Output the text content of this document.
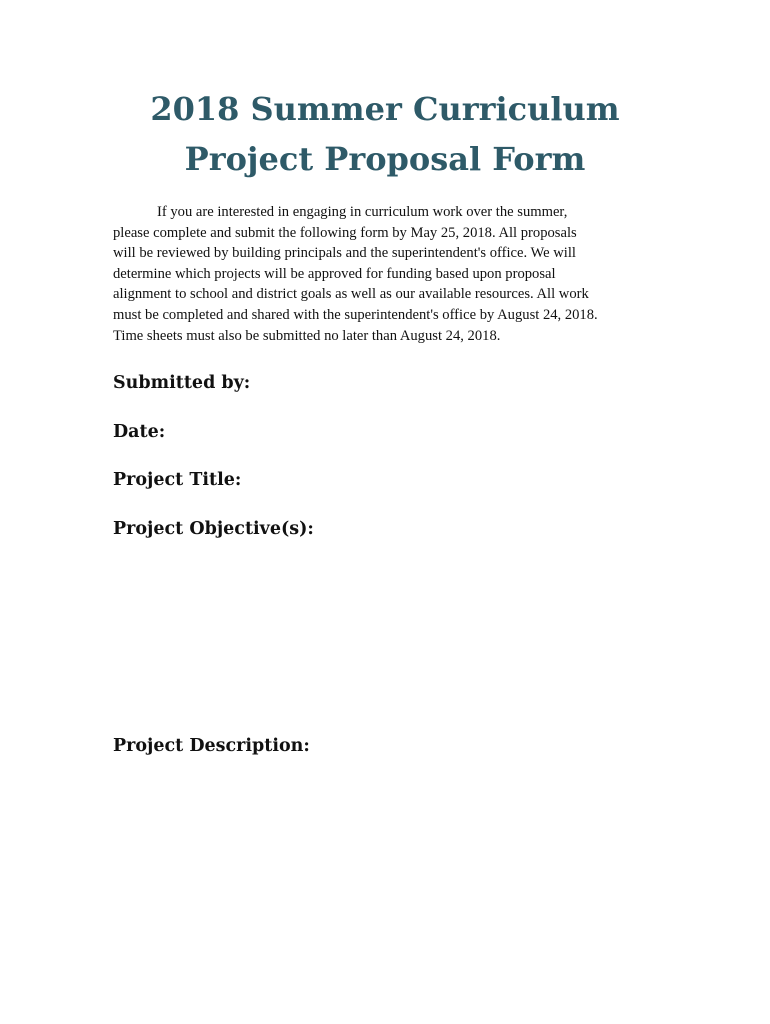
2018 Summer Curriculum
Project Proposal Form
If you are interested in engaging in curriculum work over the summer,
please complete and submit the following form by May 25, 2018. All proposals
will be reviewed by building principals and the superintendent's office. We will
determine which projects will be approved for funding based upon proposal
alignment to school and district goals as well as our available resources. All work
must be completed and shared with the superintendent's office by August 24, 2018.
Time sheets must also be submitted no later than August 24, 2018.
Submitted by:
Date:
Project Title:
Project Objective(s):
Project Description:
